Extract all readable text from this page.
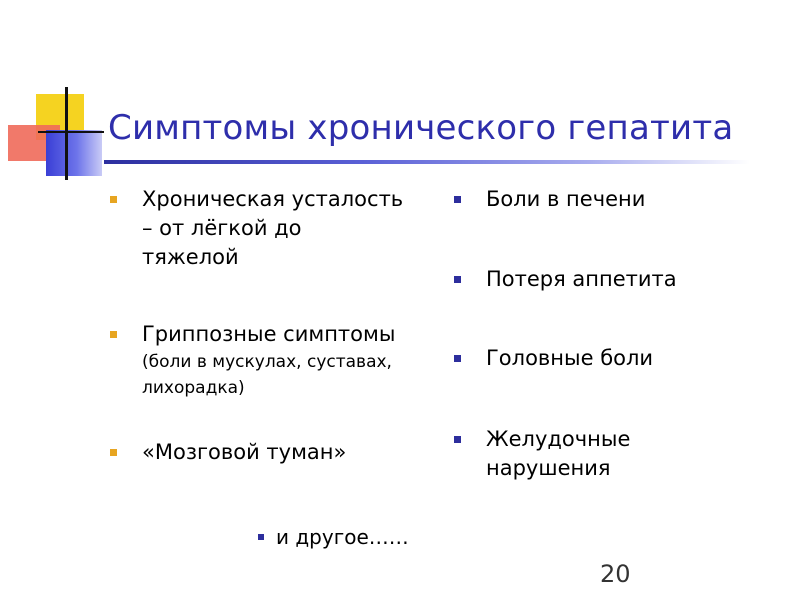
Симптомы хронического гепатита
Хроническая усталость
– от лёгкой до
тяжелой
Гриппозные симптомы
(боли в мускулах, суставах,
лихорадка)
«Мозговой туман»
Боли в печени
Потеря аппетита
Головные боли
Желудочные
нарушения
и другое……
20
